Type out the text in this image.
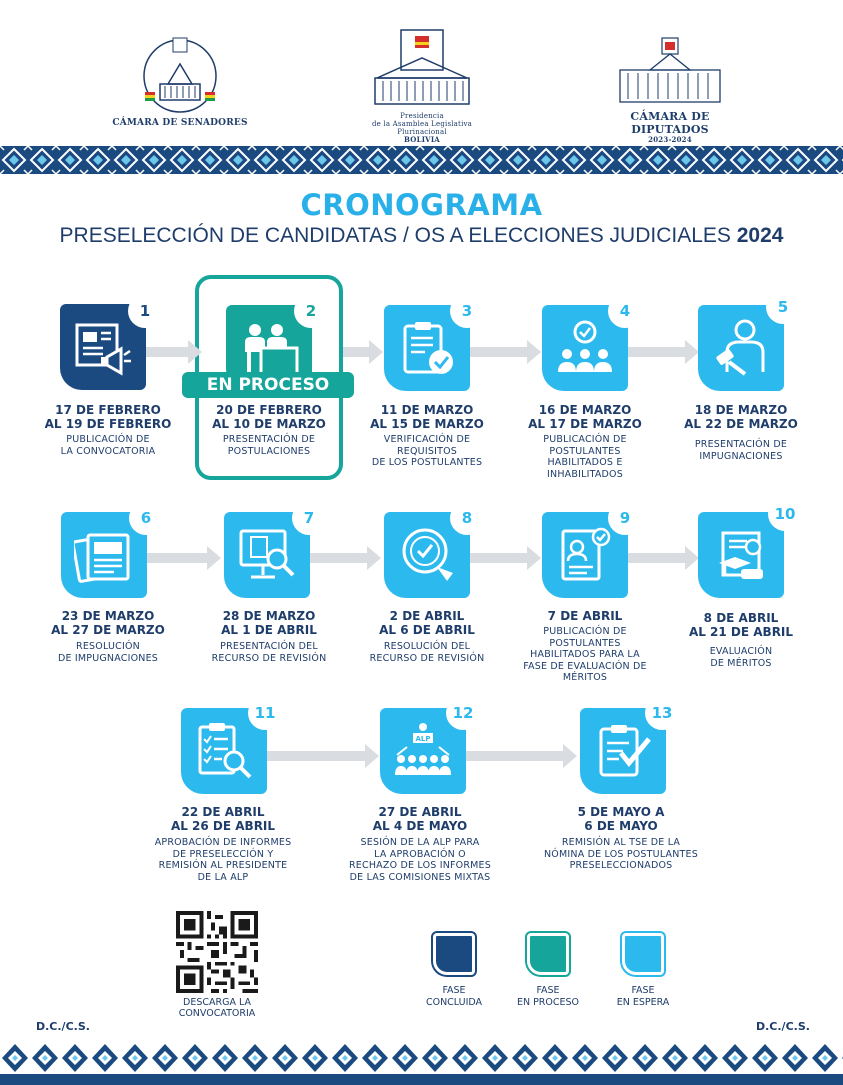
CÁMARA DE SENADORES
Presidencia
de la Asamblea Legislativa Plurinacional
BOLIVIA
CÁMARA DE DIPUTADOS
2023-2024
CRONOGRAMA
PRESELECCIÓN DE CANDIDATAS / OS A ELECCIONES JUDICIALES 2024
1
17 DE FEBRERO
AL 19 DE FEBRERO
PUBLICACIÓN DE
LA CONVOCATORIA
2
EN PROCESO
20 DE FEBRERO
AL 10 DE MARZO
PRESENTACIÓN DE
POSTULACIONES
3
11 DE MARZO
AL 15 DE MARZO
VERIFICACIÓN DE
REQUISITOS
DE LOS POSTULANTES
4
16 DE MARZO
AL 17 DE MARZO
PUBLICACIÓN DE
POSTULANTES
HABILITADOS E
INHABILITADOS
5
18 DE MARZO
AL 22 DE MARZO
PRESENTACIÓN DE
IMPUGNACIONES
6
23 DE MARZO
AL 27 DE MARZO
RESOLUCIÓN
DE IMPUGNACIONES
7
28 DE MARZO
AL 1 DE ABRIL
PRESENTACIÓN DEL
RECURSO DE REVISIÓN
8
2 DE ABRIL
AL 6 DE ABRIL
RESOLUCIÓN DEL
RECURSO DE REVISIÓN
9
7 DE ABRIL
PUBLICACIÓN DE
POSTULANTES
HABILITADOS PARA LA
FASE DE EVALUACIÓN DE
MÉRITOS
10
8 DE ABRIL
AL 21 DE ABRIL
EVALUACIÓN
DE MÉRITOS
11
22 DE ABRIL
AL 26 DE ABRIL
APROBACIÓN DE INFORMES
DE PRESELECCIÓN Y
REMISIÓN AL PRESIDENTE
DE LA ALP
ALP
12
27 DE ABRIL
AL 4 DE MAYO
SESIÓN DE LA ALP PARA
LA APROBACIÓN O
RECHAZO DE LOS INFORMES
DE LAS COMISIONES MIXTAS
13
5 DE MAYO A
6 DE MAYO
REMISIÓN AL TSE DE LA
NÓMINA DE LOS POSTULANTES
PRESELECCIONADOS
DESCARGA LA
CONVOCATORIA
FASE
CONCLUIDA
FASE
EN PROCESO
FASE
EN ESPERA
D.C./C.S.	D.C./C.S.
